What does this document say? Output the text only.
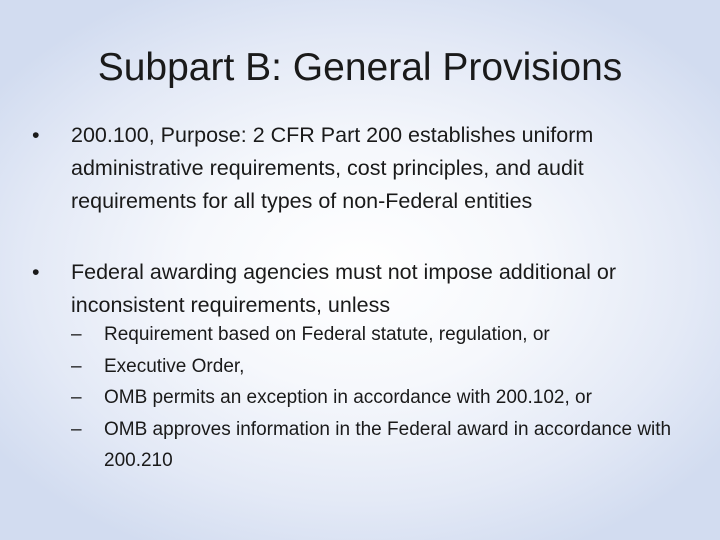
Subpart B: General Provisions
•	200.100, Purpose: 2 CFR Part 200 establishes uniform administrative requirements, cost principles, and audit requirements for all types of non-Federal entities
•	Federal awarding agencies must not impose additional or inconsistent requirements, unless
–	Requirement based on Federal statute, regulation, or
–	Executive Order,
–	OMB permits an exception in accordance with 200.102, or
–	OMB approves information in the Federal award in accordance with 200.210
